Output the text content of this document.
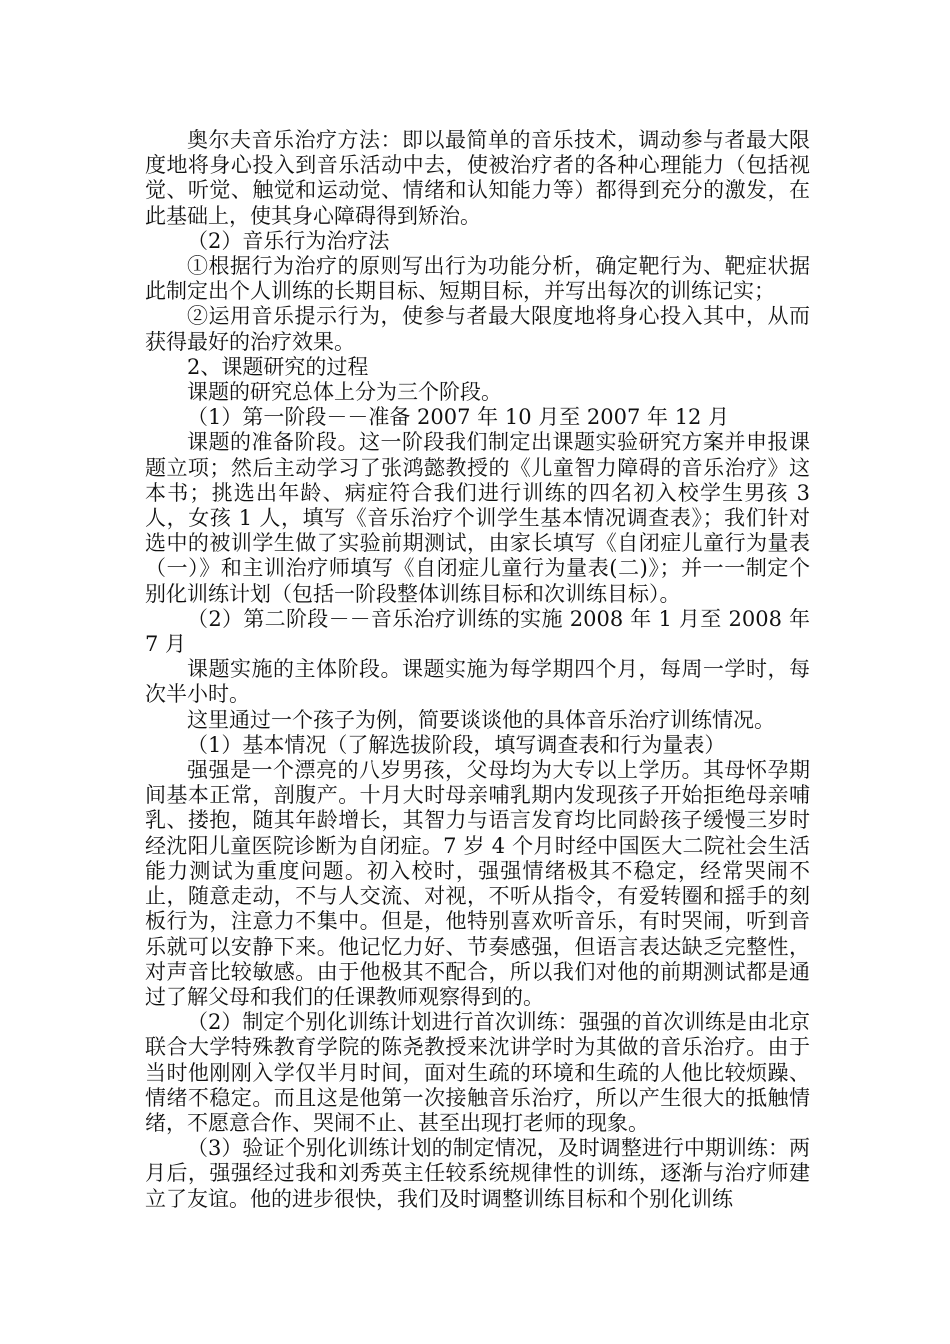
奥尔夫音乐治疗方法：即以最简单的音乐技术，调动参与者最大限度地将身心投入到音乐活动中去，使被治疗者的各种心理能力（包括视觉、听觉、触觉和运动觉、情绪和认知能力等）都得到充分的激发，在此基础上，使其身心障碍得到矫治。

（2）音乐行为治疗法

①根据行为治疗的原则写出行为功能分析，确定靶行为、靶症状据此制定出个人训练的长期目标、短期目标，并写出每次的训练记实；

②运用音乐提示行为，使参与者最大限度地将身心投入其中，从而获得最好的治疗效果。

2、课题研究的过程

课题的研究总体上分为三个阶段。

（1）第一阶段－－准备 2007 年 10 月至 2007 年 12 月

课题的准备阶段。这一阶段我们制定出课题实验研究方案并申报课题立项；然后主动学习了张鸿懿教授的《儿童智力障碍的音乐治疗》这本书；挑选出年龄、病症符合我们进行训练的四名初入校学生男孩 3 人，女孩 1 人，填写《音乐治疗个训学生基本情况调查表》；我们针对选中的被训学生做了实验前期测试，由家长填写《自闭症儿童行为量表（一）》和主训治疗师填写《自闭症儿童行为量表(二)》；并一一制定个别化训练计划（包括一阶段整体训练目标和次训练目标）。

（2）第二阶段－－音乐治疗训练的实施 2008 年 1 月至 2008 年 7 月

课题实施的主体阶段。课题实施为每学期四个月，每周一学时，每次半小时。

这里通过一个孩子为例，简要谈谈他的具体音乐治疗训练情况。

（1）基本情况（了解选拔阶段，填写调查表和行为量表）

强强是一个漂亮的八岁男孩，父母均为大专以上学历。其母怀孕期间基本正常，剖腹产。十月大时母亲哺乳期内发现孩子开始拒绝母亲哺乳、搂抱，随其年龄增长，其智力与语言发育均比同龄孩子缓慢三岁时经沈阳儿童医院诊断为自闭症。7 岁 4 个月时经中国医大二院社会生活能力测试为重度问题。初入校时，强强情绪极其不稳定，经常哭闹不止，随意走动，不与人交流、对视，不听从指令，有爱转圈和摇手的刻板行为，注意力不集中。但是，他特别喜欢听音乐，有时哭闹，听到音乐就可以安静下来。他记忆力好、节奏感强，但语言表达缺乏完整性，对声音比较敏感。由于他极其不配合，所以我们对他的前期测试都是通过了解父母和我们的任课教师观察得到的。

（2）制定个别化训练计划进行首次训练：强强的首次训练是由北京联合大学特殊教育学院的陈尧教授来沈讲学时为其做的音乐治疗。由于当时他刚刚入学仅半月时间，面对生疏的环境和生疏的人他比较烦躁、情绪不稳定。而且这是他第一次接触音乐治疗，所以产生很大的抵触情绪，不愿意合作、哭闹不止、甚至出现打老师的现象。

（3）验证个别化训练计划的制定情况，及时调整进行中期训练：两月后，强强经过我和刘秀英主任较系统规律性的训练，逐渐与治疗师建立了友谊。他的进步很快，我们及时调整训练目标和个别化训练
